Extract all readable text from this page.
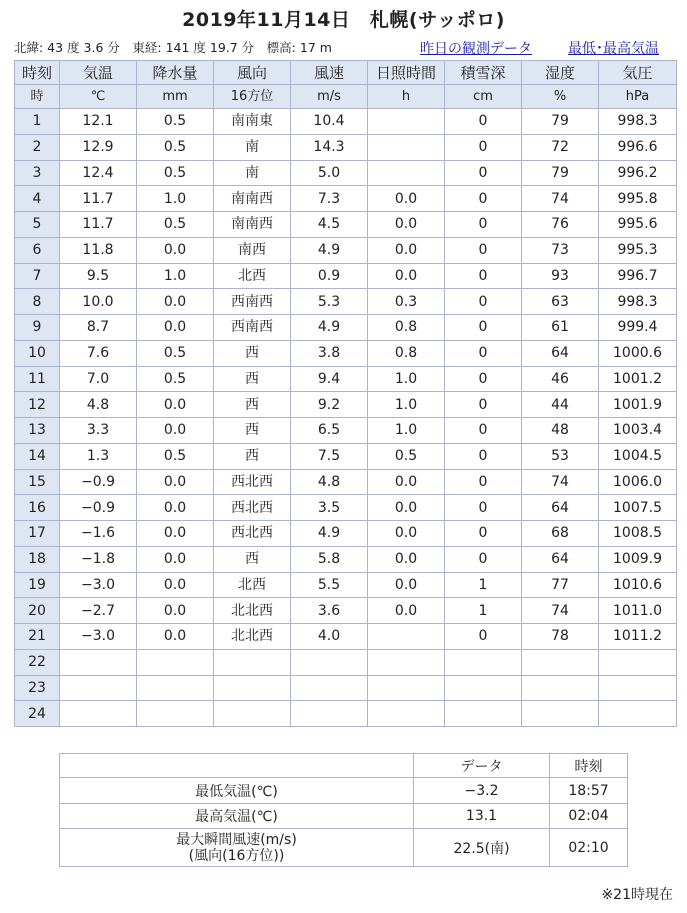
2019年11月14日　札幌(サッポロ)
北緯: 43 度 3.6 分　東経: 141 度 19.7 分　標高: 17 m	昨日の観測データ	最低･最高気温
時刻	気温	降水量	風向	風速	日照時間	積雪深	湿度	気圧
時	℃	mm	16方位	m/s	h	cm	%	hPa
1	12.1	0.5	南南東	10.4		0	79	998.3
2	12.9	0.5	南	14.3		0	72	996.6
3	12.4	0.5	南	5.0		0	79	996.2
4	11.7	1.0	南南西	7.3	0.0	0	74	995.8
5	11.7	0.5	南南西	4.5	0.0	0	76	995.6
6	11.8	0.0	南西	4.9	0.0	0	73	995.3
7	9.5	1.0	北西	0.9	0.0	0	93	996.7
8	10.0	0.0	西南西	5.3	0.3	0	63	998.3
9	8.7	0.0	西南西	4.9	0.8	0	61	999.4
10	7.6	0.5	西	3.8	0.8	0	64	1000.6
11	7.0	0.5	西	9.4	1.0	0	46	1001.2
12	4.8	0.0	西	9.2	1.0	0	44	1001.9
13	3.3	0.0	西	6.5	1.0	0	48	1003.4
14	1.3	0.5	西	7.5	0.5	0	53	1004.5
15	−0.9	0.0	西北西	4.8	0.0	0	74	1006.0
16	−0.9	0.0	西北西	3.5	0.0	0	64	1007.5
17	−1.6	0.0	西北西	4.9	0.0	0	68	1008.5
18	−1.8	0.0	西	5.8	0.0	0	64	1009.9
19	−3.0	0.0	北西	5.5	0.0	1	77	1010.6
20	−2.7	0.0	北北西	3.6	0.0	1	74	1011.0
21	−3.0	0.0	北北西	4.0		0	78	1011.2
22								
23								
24								
	データ	時刻
最低気温(℃)	−3.2	18:57
最高気温(℃)	13.1	02:04

最大瞬間風速(m/s)
(風向(16方位))	22.5(南)	02:10
※21時現在
